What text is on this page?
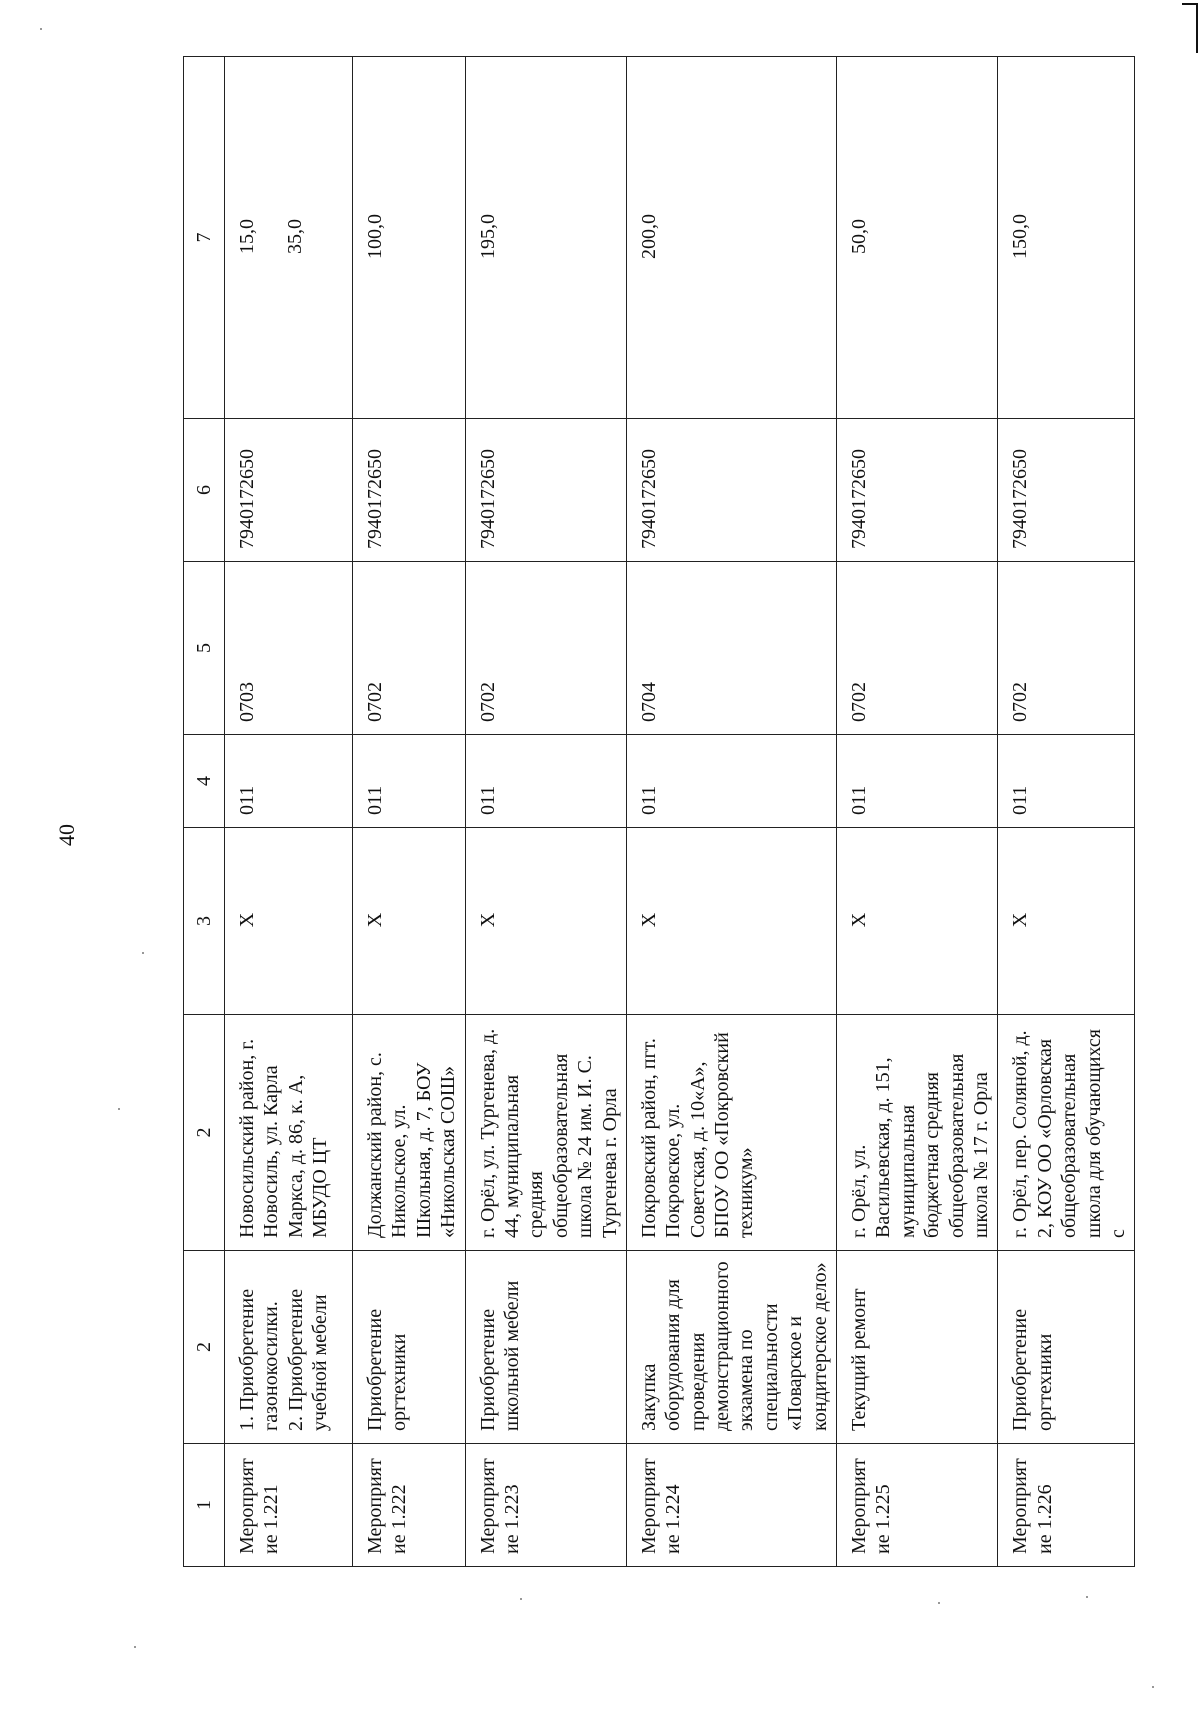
40
1	2	2	3	4	5	6	7
Мероприятие 1.221	1. Приобретение газонокосилки. 2. Приобретение учебной мебели	Новосильский район, г. Новосиль, ул. Карла Маркса, д. 86, к. А, МБУДО ЦТ	X	011	0703	7940172650	15,0 35,0

Мероприятие 1.222	Приобретение оргтехники	Должанский район, с. Никольское, ул. Школьная, д. 7, БОУ «Никольская СОШ»	X	011	0702	7940172650	100,0

Мероприятие 1.223	Приобретение школьной мебели	г. Орёл, ул. Тургенева, д. 44, муниципальная средняя общеобразовательная школа № 24 им. И. С. Тургенева г. Орла	X	011	0702	7940172650	195,0

Мероприятие 1.224	Закупка оборудования для проведения демонстрационного экзамена по специальности «Поварское и кондитерское дело»	Покровский район, пгт. Покровское, ул. Советская, д. 10«А», БПОУ ОО «Покровский техникум»	X	011	0704	7940172650	200,0

Мероприятие 1.225	Текущий ремонт	г. Орёл, ул. Васильевская, д. 151, муниципальная бюджетная средняя общеобразовательная школа № 17 г. Орла	X	011	0702	7940172650	50,0

Мероприятие 1.226	Приобретение оргтехники	г. Орёл, пер. Соляной, д. 2, КОУ ОО «Орловская общеобразовательная школа для обучающихся с	X	011	0702	7940172650	150,0
